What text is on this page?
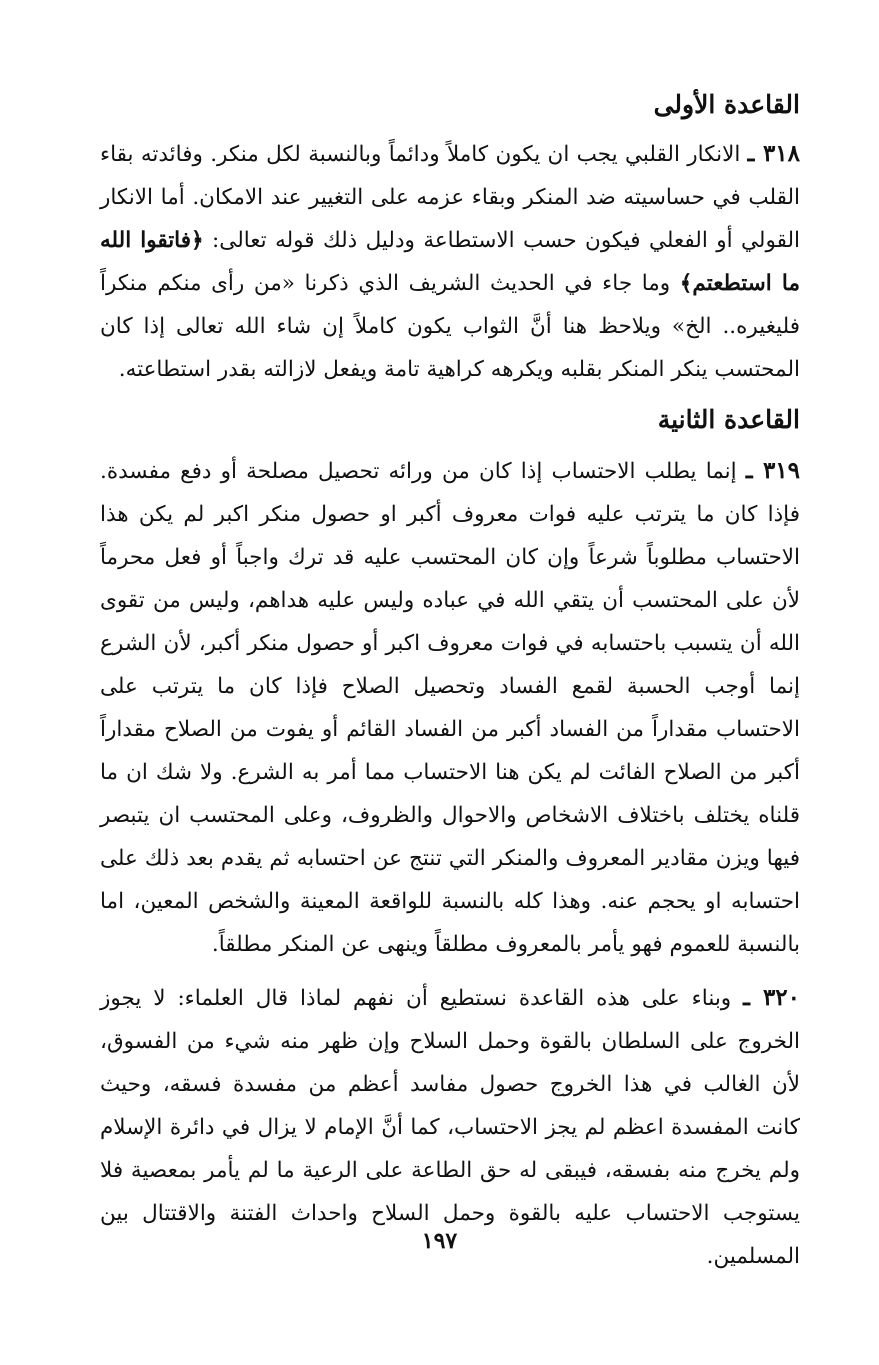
القاعدة الأولى

٣١٨ ـ الانكار القلبي يجب ان يكون كاملاً ودائماً وبالنسبة لكل منكر. وفائدته بقاء القلب في حساسيته ضد المنكر وبقاء عزمه على التغيير عند الامكان. أما الانكار القولي أو الفعلي فيكون حسب الاستطاعة ودليل ذلك قوله تعالى: ﴿فاتقوا الله ما استطعتم﴾ وما جاء في الحديث الشريف الذي ذكرنا «من رأى منكم منكراً فليغيره.. الخ» ويلاحظ هنا أنَّ الثواب يكون كاملاً إن شاء الله تعالى إذا كان المحتسب ينكر المنكر بقلبه ويكرهه كراهية تامة ويفعل لازالته بقدر استطاعته.

القاعدة الثانية

٣١٩ ـ إنما يطلب الاحتساب إذا كان من ورائه تحصيل مصلحة أو دفع مفسدة. فإذا كان ما يترتب عليه فوات معروف أكبر او حصول منكر اكبر لم يكن هذا الاحتساب مطلوباً شرعاً وإن كان المحتسب عليه قد ترك واجباً أو فعل محرماً لأن على المحتسب أن يتقي الله في عباده وليس عليه هداهم، وليس من تقوى الله أن يتسبب باحتسابه في فوات معروف اكبر أو حصول منكر أكبر، لأن الشرع إنما أوجب الحسبة لقمع الفساد وتحصيل الصلاح فإذا كان ما يترتب على الاحتساب مقداراً من الفساد أكبر من الفساد القائم أو يفوت من الصلاح مقداراً أكبر من الصلاح الفائت لم يكن هنا الاحتساب مما أمر به الشرع. ولا شك ان ما قلناه يختلف باختلاف الاشخاص والاحوال والظروف، وعلى المحتسب ان يتبصر فيها ويزن مقادير المعروف والمنكر التي تنتج عن احتسابه ثم يقدم بعد ذلك على احتسابه او يحجم عنه. وهذا كله بالنسبة للواقعة المعينة والشخص المعين، اما بالنسبة للعموم فهو يأمر بالمعروف مطلقاً وينهى عن المنكر مطلقاً.

٣٢٠ ـ وبناء على هذه القاعدة نستطيع أن نفهم لماذا قال العلماء: لا يجوز الخروج على السلطان بالقوة وحمل السلاح وإن ظهر منه شيء من الفسوق، لأن الغالب في هذا الخروج حصول مفاسد أعظم من مفسدة فسقه، وحيث كانت المفسدة اعظم لم يجز الاحتساب، كما أنَّ الإمام لا يزال في دائرة الإسلام ولم يخرج منه بفسقه، فيبقى له حق الطاعة على الرعية ما لم يأمر بمعصية فلا يستوجب الاحتساب عليه بالقوة وحمل السلاح واحداث الفتنة والاقتتال بين المسلمين.

١٩٧
